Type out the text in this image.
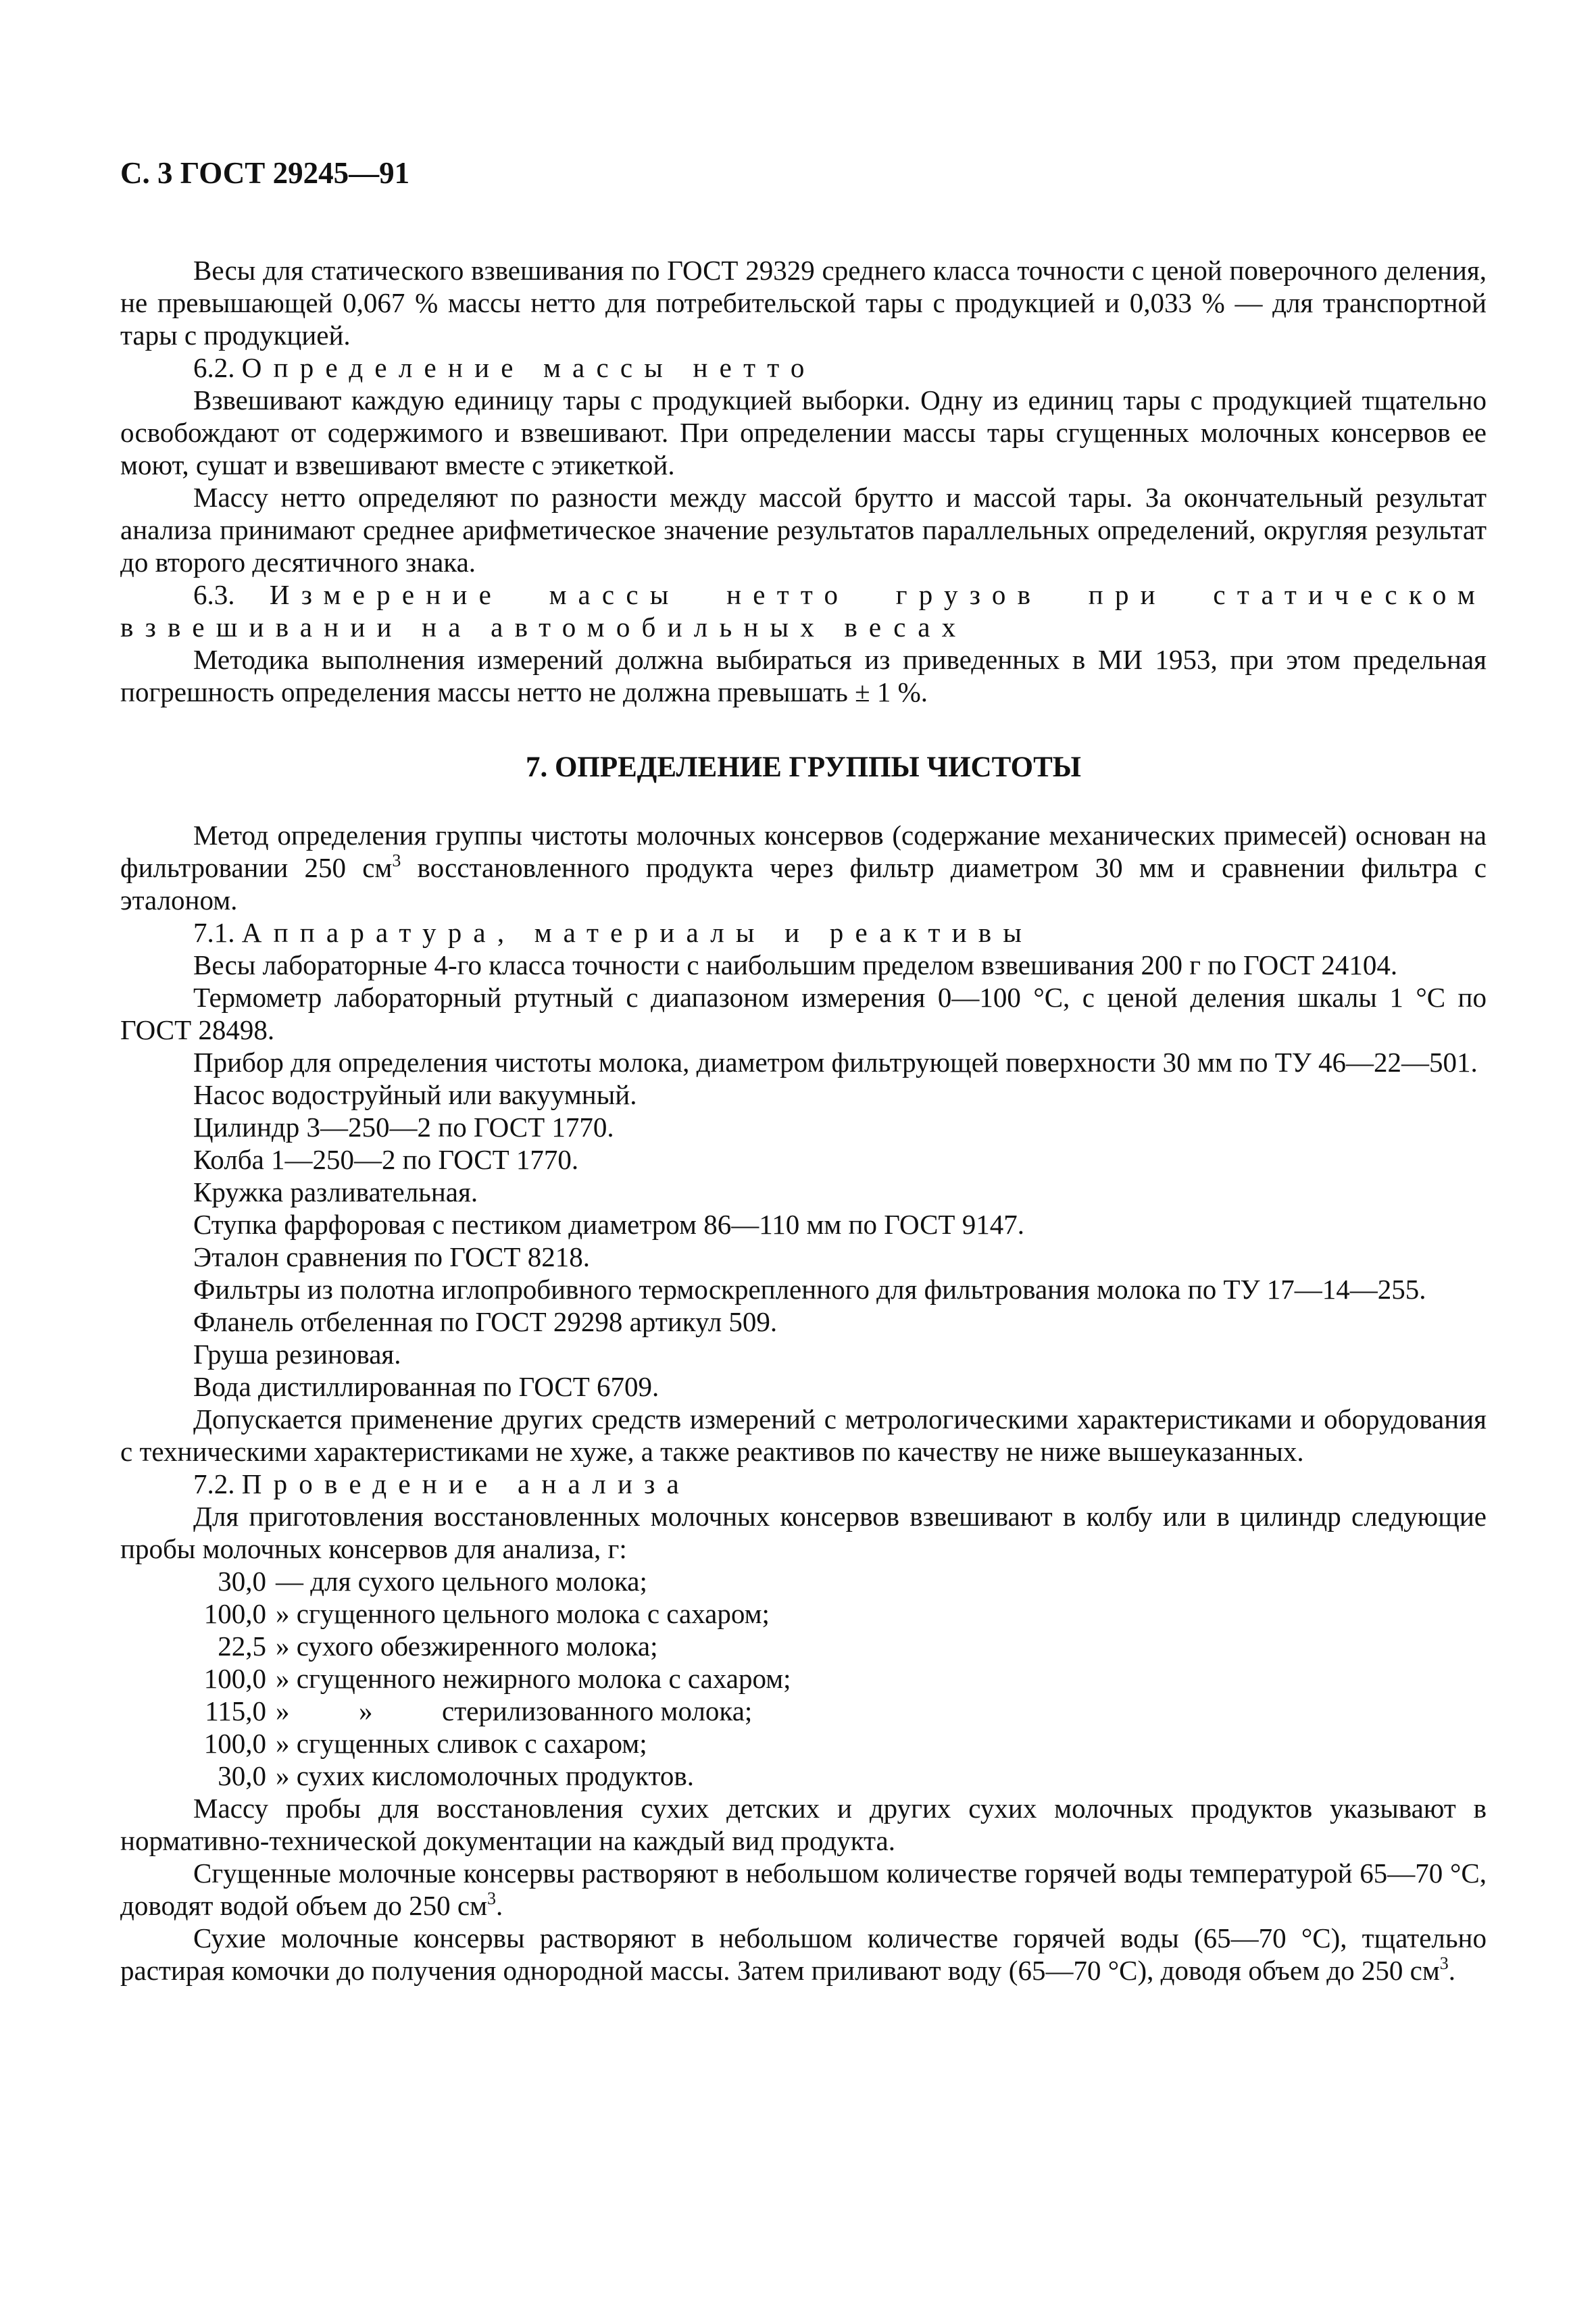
С. 3 ГОСТ 29245—91

Весы для статического взвешивания по ГОСТ 29329 среднего класса точности с ценой поверочного деления, не превышающей 0,067 % массы нетто для потребительской тары с продукцией и 0,033 % — для транспортной тары с продукцией.

6.2. Определение массы нетто

Взвешивают каждую единицу тары с продукцией выборки. Одну из единиц тары с продукцией тщательно освобождают от содержимого и взвешивают. При определении массы тары сгущенных молочных консервов ее моют, сушат и взвешивают вместе с этикеткой.

Массу нетто определяют по разности между массой брутто и массой тары. За окончательный результат анализа принимают среднее арифметическое значение результатов параллельных определений, округляя результат до второго десятичного знака.

6.3. Измерение массы нетто грузов при статическом взвешивании на автомобильных весах

Методика выполнения измерений должна выбираться из приведенных в МИ 1953, при этом предельная погрешность определения массы нетто не должна превышать ± 1 %.

7. ОПРЕДЕЛЕНИЕ ГРУППЫ ЧИСТОТЫ

Метод определения группы чистоты молочных консервов (содержание механических примесей) основан на фильтровании 250 $см^3$ восстановленного продукта через фильтр диаметром 30 мм и сравнении фильтра с эталоном.

7.1. Аппаратура, материалы и реактивы

Весы лабораторные 4-го класса точности с наибольшим пределом взвешивания 200 г по ГОСТ 24104.

Термометр лабораторный ртутный с диапазоном измерения 0—100 °С, с ценой деления шкалы 1 °С по ГОСТ 28498.

Прибор для определения чистоты молока, диаметром фильтрующей поверхности 30 мм по ТУ 46—22—501.

Насос водоструйный или вакуумный.

Цилиндр 3—250—2 по ГОСТ 1770.

Колба 1—250—2 по ГОСТ 1770.

Кружка разливательная.

Ступка фарфоровая с пестиком диаметром 86—110 мм по ГОСТ 9147.

Эталон сравнения по ГОСТ 8218.

Фильтры из полотна иглопробивного термоскрепленного для фильтрования молока по ТУ 17—14—255.

Фланель отбеленная по ГОСТ 29298 артикул 509.

Груша резиновая.

Вода дистиллированная по ГОСТ 6709.

Допускается применение других средств измерений с метрологическими характеристиками и оборудования с техническими характеристиками не хуже, а также реактивов по качеству не ниже вышеуказанных.

7.2. Проведение анализа

Для приготовления восстановленных молочных консервов взвешивают в колбу или в цилиндр следующие пробы молочных консервов для анализа, г:

30,0 — для сухого цельного молока;
100,0 » сгущенного цельного молока с сахаром;
22,5 » сухого обезжиренного молока;
100,0 » сгущенного нежирного молока с сахаром;
115,0 »          »          стерилизованного молока;
100,0 » сгущенных сливок с сахаром;
30,0 » сухих кисломолочных продуктов.

Массу пробы для восстановления сухих детских и других сухих молочных продуктов указывают в нормативно-технической документации на каждый вид продукта.

Сгущенные молочные консервы растворяют в небольшом количестве горячей воды температурой 65—70 °С, доводят водой объем до 250 $см^3$.

Сухие молочные консервы растворяют в небольшом количестве горячей воды (65—70 °С), тщательно растирая комочки до получения однородной массы. Затем приливают воду (65—70 °С), доводя объем до 250 $см^3$.
